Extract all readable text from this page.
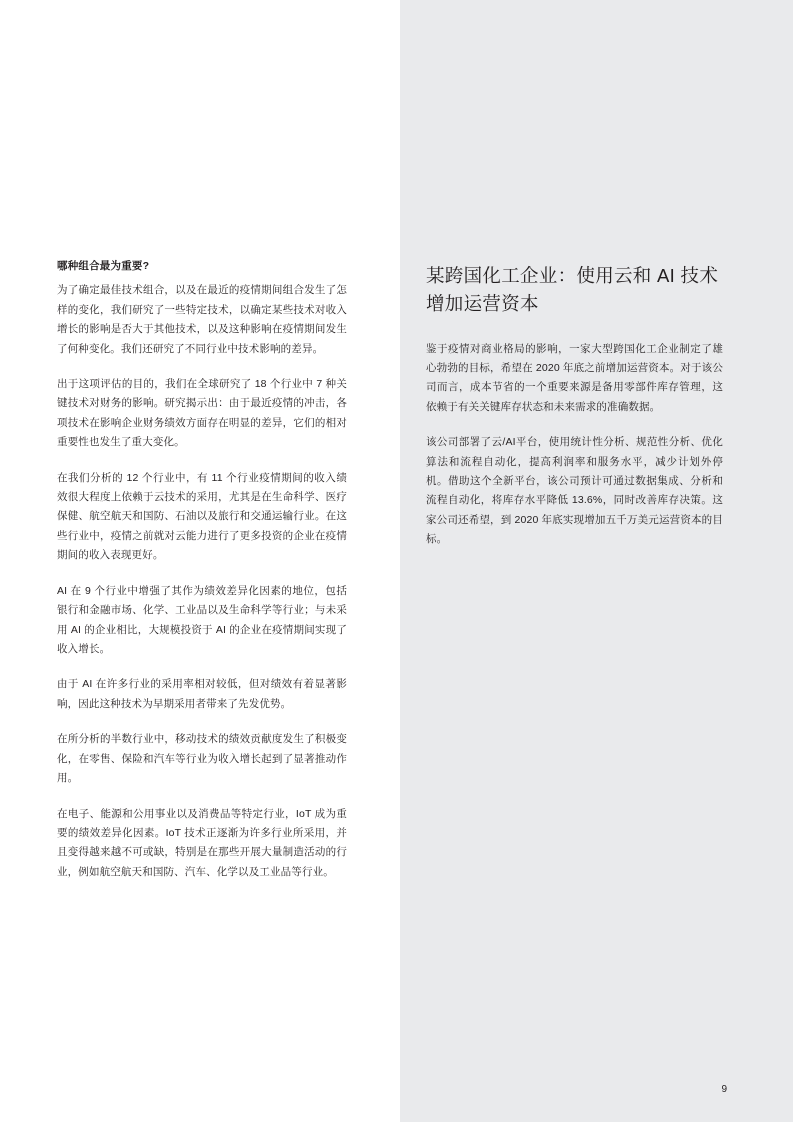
哪种组合最为重要?

为了确定最佳技术组合，以及在最近的疫情期间组合发生了怎样的变化，我们研究了一些特定技术，以确定某些技术对收入增长的影响是否大于其他技术，以及这种影响在疫情期间发生了何种变化。我们还研究了不同行业中技术影响的差异。

出于这项评估的目的，我们在全球研究了 18 个行业中 7 种关键技术对财务的影响。研究揭示出：由于最近疫情的冲击，各项技术在影响企业财务绩效方面存在明显的差异，它们的相对重要性也发生了重大变化。

在我们分析的 12 个行业中，有 11 个行业疫情期间的收入绩效很大程度上依赖于云技术的采用，尤其是在生命科学、医疗保健、航空航天和国防、石油以及旅行和交通运输行业。在这些行业中，疫情之前就对云能力进行了更多投资的企业在疫情期间的收入表现更好。

AI 在 9 个行业中增强了其作为绩效差异化因素的地位，包括银行和金融市场、化学、工业品以及生命科学等行业；与未采用 AI 的企业相比，大规模投资于 AI 的企业在疫情期间实现了收入增长。

由于 AI 在许多行业的采用率相对较低，但对绩效有着显著影响，因此这种技术为早期采用者带来了先发优势。

在所分析的半数行业中，移动技术的绩效贡献度发生了积极变化，在零售、保险和汽车等行业为收入增长起到了显著推动作用。

在电子、能源和公用事业以及消费品等特定行业，IoT 成为重要的绩效差异化因素。IoT 技术正逐渐为许多行业所采用，并且变得越来越不可或缺，特别是在那些开展大量制造活动的行业，例如航空航天和国防、汽车、化学以及工业品等行业。

某跨国化工企业：使用云和 AI 技术增加运营资本

鉴于疫情对商业格局的影响，一家大型跨国化工企业制定了雄心勃勃的目标，希望在 2020 年底之前增加运营资本。对于该公司而言，成本节省的一个重要来源是备用零部件库存管理，这依赖于有关关键库存状态和未来需求的准确数据。

该公司部署了云/AI平台，使用统计性分析、规范性分析、优化算法和流程自动化，提高利润率和服务水平，减少计划外停机。借助这个全新平台，该公司预计可通过数据集成、分析和流程自动化，将库存水平降低 13.6%，同时改善库存决策。这家公司还希望，到 2020 年底实现增加五千万美元运营资本的目标。

9
